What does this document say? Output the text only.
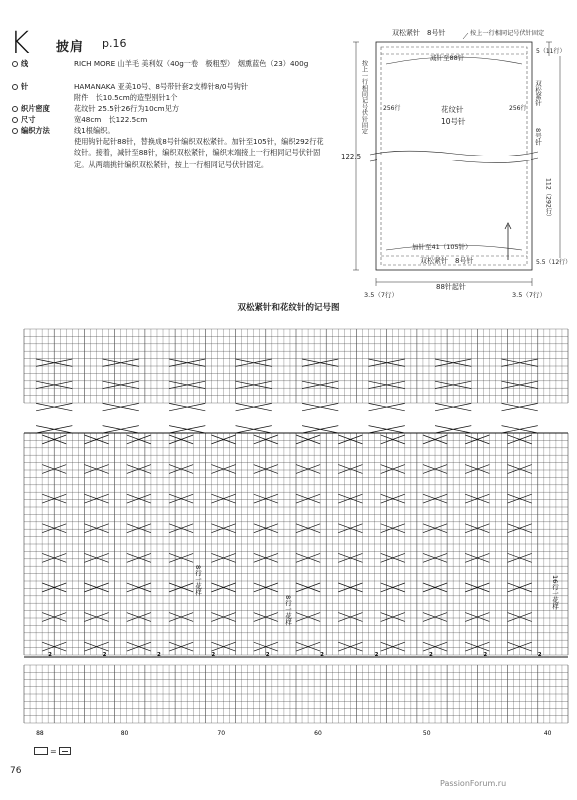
K 披肩 p.16
线	RICH MORE 山羊毛 美利奴（40g一卷　极粗型）　烟熏蓝色（23）400g
针	HAMANAKA 亚美10号、8号带针套2支棒针8/0号钩针
附件　长10.5cm的造型别针1个
织片密度	花纹针 25.5针26行为10cm见方
尺寸	宽48cm　长122.5cm
编织方法	线1根编织。
使用钩针起针88针，替换成8号针编织双松紧针。加针至105针，编织292行花纹针。接着，减针至88针，编织双松紧针，编织末端接上一行相同记号伏针固定。从两端挑针编织双松紧针，按上一行相同记号伏针固定。
双松紧针　8号针	按上一行相同记号伏针固定
减针至88针
按上一行相同记号伏针固定	256行	256行
花纹针
10号针
双松紧针
8号针
5（11行）
112（292行）
5.5（12行）
122.5
加针至41（105针）
双松紧针　8号针
88针起针
3.5（7行）	3.5（7行）
双松紧针和花纹针的记号图
2	2	2	2	2	2	2	2	2	2
8行一花样
8行一花样
16行一花样
88	80	70	60	50	40
=
76
PassionForum.ru
